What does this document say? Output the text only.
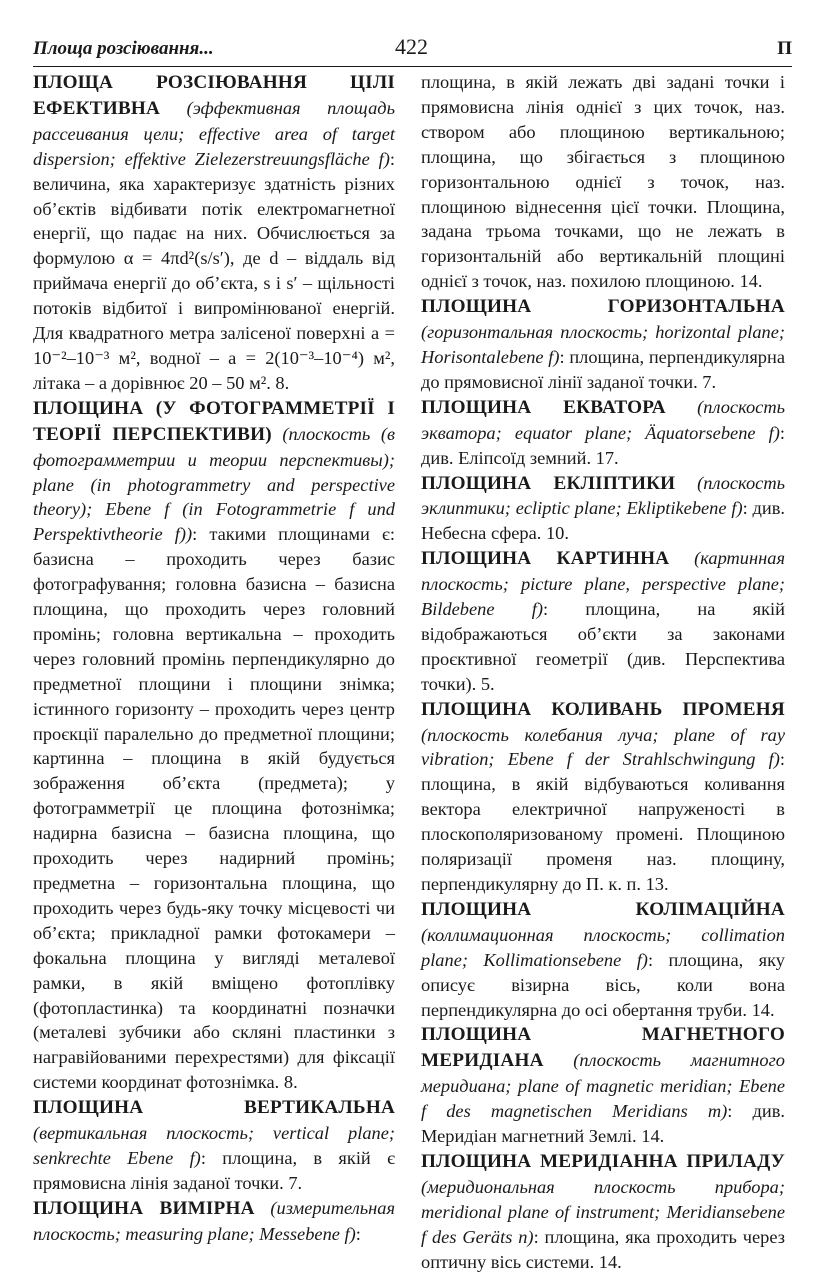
Площа розсіювання...	422	П

ПЛОЩА РОЗСІЮВАННЯ ЦІЛІ ЕФЕКТИВНА (эффективная площадь рассеивания цели; effective area of target dispersion; effektive Zielezerstreuungsfläche f): величина, яка характеризує здатність різних об’єктів відбивати потік електромагнетної енергії, що падає на них. Обчислюється за формулою α = 4πd²(s/s′), де d – віддаль від приймача енергії до об’єкта, s і s′ – щільності потоків відбитої і випромінюваної енергій. Для квадратного метра залісеної поверхні a = 10⁻²–10⁻³ м², водної – a = 2(10⁻³–10⁻⁴) м², літака – a дорівнює 20 – 50 м². 8.

ПЛОЩИНА (У ФОТОГРАММЕТРІЇ І ТЕОРІЇ ПЕРСПЕКТИВИ) (плоскость (в фотограмметрии и теории перспективы); plane (in photogrammetry and perspective theory); Ebene f (in Fotogrammetrie f und Perspektivtheorie f)): такими площинами є: базисна – проходить через базис фотографування; головна базисна – базисна площина, що проходить через головний промінь; головна вертикальна – проходить через головний промінь перпендикулярно до предметної площини і площини знімка; істинного горизонту – проходить через центр проєкції паралельно до предметної площини; картинна – площина в якій будується зображення об’єкта (предмета); у фотограмметрії це площина фотознімка; надирна базисна – базисна площина, що проходить через надирний промінь; предметна – горизонтальна площина, що проходить через будь-яку точку місцевості чи об’єкта; прикладної рамки фотокамери – фокальна площина у вигляді металевої рамки, в якій вміщено фотоплівку (фотопластинка) та координатні позначки (металеві зубчики або скляні пластинки з награвійованими перехрестями) для фіксації системи координат фотознімка. 8.

ПЛОЩИНА ВЕРТИКАЛЬНА (вертикальная плоскость; vertical plane; senkrechte Ebene f): площина, в якій є прямовисна лінія заданої точки. 7.

ПЛОЩИНА ВИМІРНА (измерительная плоскость; measuring plane; Messebene f):

площина, в якій лежать дві задані точки і прямовисна лінія однієї з цих точок, наз. створом або площиною вертикальною; площина, що збігається з площиною горизонтальною однієї з точок, наз. площиною віднесення цієї точки. Площина, задана трьома точками, що не лежать в горизонтальній або вертикальній площині однієї з точок, наз. похилою площиною. 14.

ПЛОЩИНА ГОРИЗОНТАЛЬНА (горизонтальная плоскость; horizontal plane; Horisontalebene f): площина, перпендикулярна до прямовисної лінії заданої точки. 7.

ПЛОЩИНА ЕКВАТОРА (плоскость экватора; equator plane; Äquatorsebene f): див. Еліпсоїд земний. 17.

ПЛОЩИНА ЕКЛІПТИКИ (плоскость эклиптики; ecliptic plane; Ekliptikebene f): див. Небесна сфера. 10.

ПЛОЩИНА КАРТИННА (картинная плоскость; picture plane, perspective plane; Bildebene f): площина, на якій відображаються об’єкти за законами проєктивної геометрії (див. Перспектива точки). 5.

ПЛОЩИНА КОЛИВАНЬ ПРОМЕНЯ (плоскость колебания луча; plane of ray vibration; Ebene f der Strahlschwingung f): площина, в якій відбуваються коливання вектора електричної напруженості в плоскополяризованому промені. Площиною поляризації променя наз. площину, перпендикулярну до П. к. п. 13.

ПЛОЩИНА КОЛІМАЦІЙНА (коллимационная плоскость; collimation plane; Kollimationsebene f): площина, яку описує візирна вісь, коли вона перпендикулярна до осі обертання труби. 14.

ПЛОЩИНА МАГНЕТНОГО МЕРИДІАНА (плоскость магнитного меридиана; plane of magnetic meridian; Ebene f des magnetischen Meridians m): див. Меридіан магнетний Землі. 14.

ПЛОЩИНА МЕРИДІАННА ПРИЛАДУ (меридиональная плоскость прибора; meridional plane of instrument; Meridiansebene f des Geräts n): площина, яка проходить через оптичну вісь системи. 14.
